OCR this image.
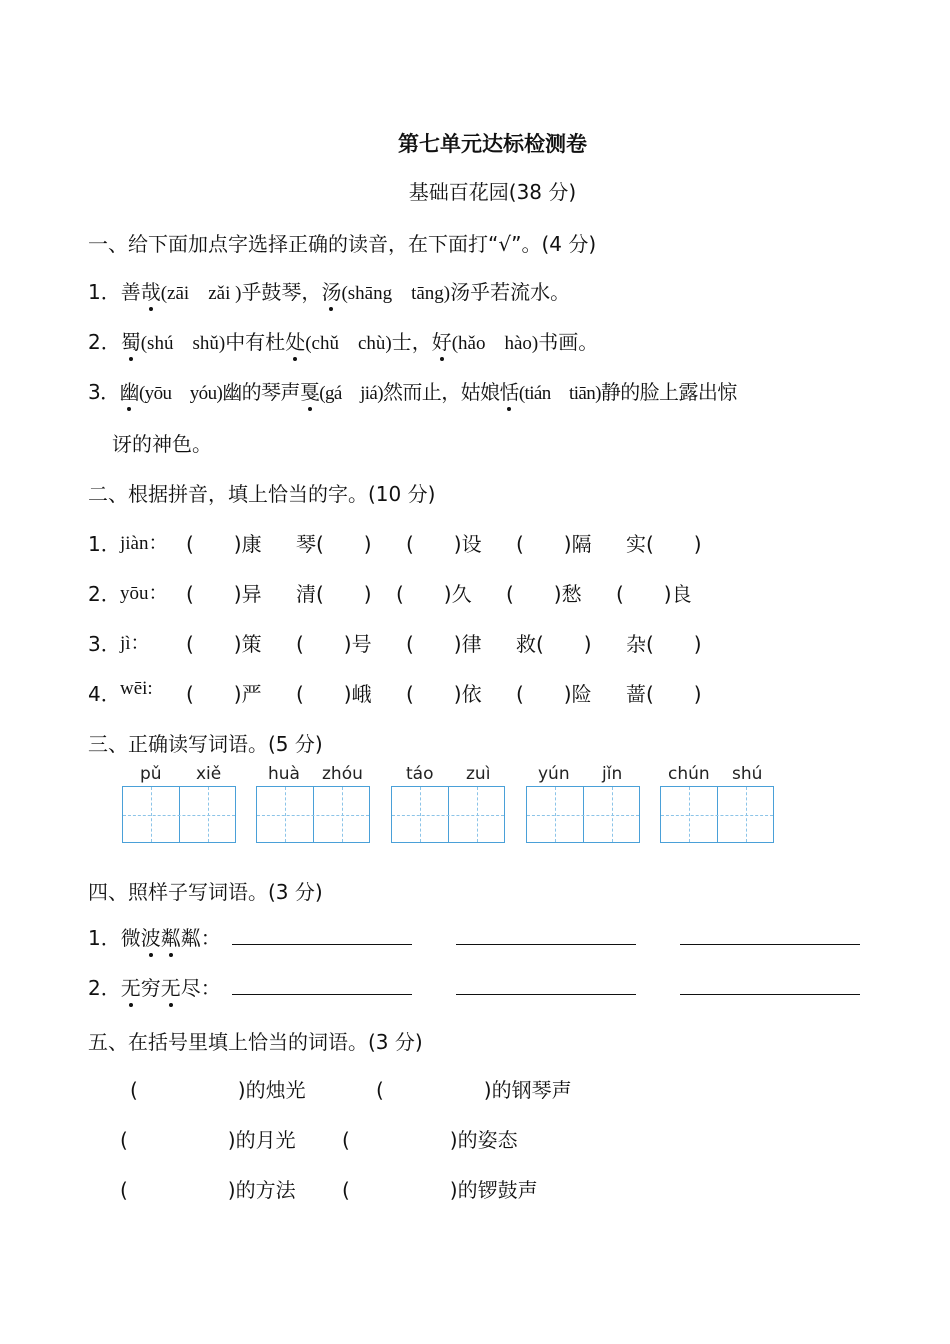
第七单元达标检测卷
基础百花园(38 分)
一、给下面加点字选择正确的读音，在下面打“√”。(4 分)
1．善哉(zāi　zǎi )乎鼓琴，汤(shāng　tāng)汤乎若流水。
2．蜀(shú　shǔ)中有杜处(chǔ　chù)士，好(hǎo　hào)书画。
3．幽(yōu　yóu)幽的琴声戛(gá　jiá)然而止，姑娘恬(tián　tiān)静的脸上露出惊
讶的神色。
二、根据拼音，填上恰当的字。(10 分)
1． jiàn： (　　)康 琴(　　) (　　)设 (　　)隔 实(　　)
2． yōu： (　　)异 清(　　) (　　)久 (　　)愁 (　　)良
3． jì： (　　)策 (　　)号 (　　)律 救(　　) 杂(　　)
4． wēi: (　　)严 (　　)峨 (　　)依 (　　)险 蔷(　　)
三、正确读写词语。(5 分)
pǔ xiě	huà zhóu	táo zuì	yún jǐn	chún shú
四、照样子写词语。(3 分)
1．微波粼粼：
2．无穷无尽：
五、在括号里填上恰当的词语。(3 分)
(　　　　　)的烛光	(　　　　　)的钢琴声
(　　　　　)的月光 (　　　　　)的姿态
(　　　　　)的方法 (　　　　　)的锣鼓声
